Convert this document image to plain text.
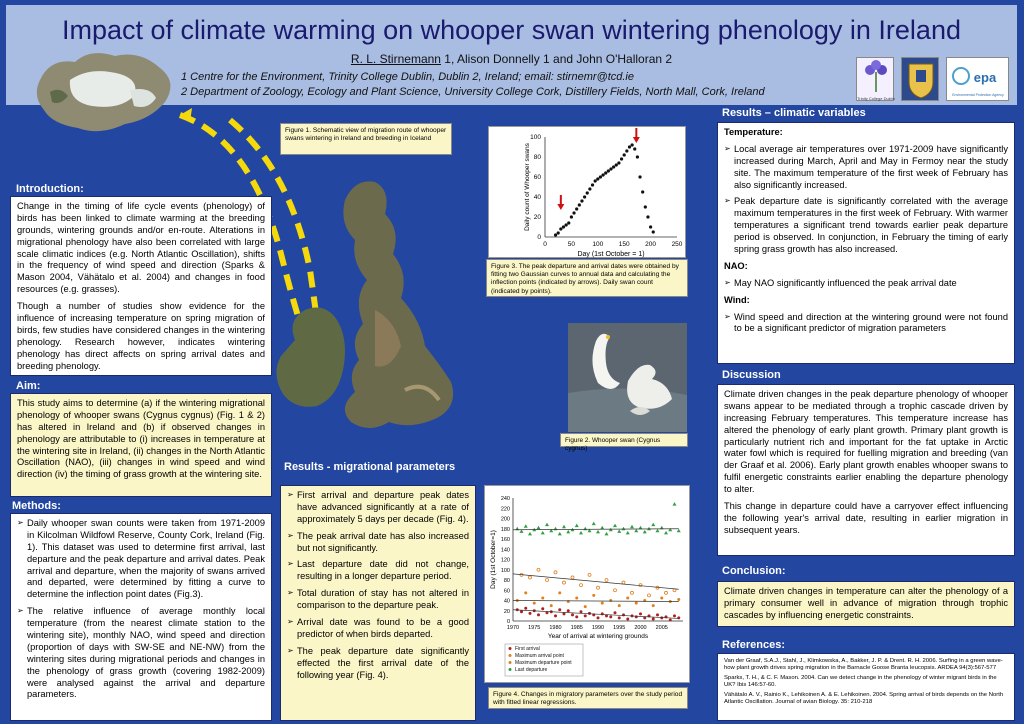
Impact of climate warming on whooper swan wintering phenology in Ireland
R. L. Stirnemann 1, Alison Donnelly 1 and John O'Halloran 2
1 Centre for the Environment, Trinity College Dublin, Dublin 2, Ireland; email: stirnemr@tcd.ie
2 Department of Zoology, Ecology and Plant Science, University College Cork, Distillery Fields, North Mall, Cork, Ireland
Trinity College Dublin
epa
Environmental Protection Agency
Introduction:

Change in the timing of life cycle events (phenology) of birds has been linked to climate warming at the breeding grounds, wintering grounds and/or en-route. Alterations in migrational phenology have also been correlated with large scale climatic indices (e.g. North Atlantic Oscillation), shifts in the frequency of wind speed and direction (Sparks & Mason 2004, Vähätalo et al. 2004) and changes in food resources (e.g. grasses).

Though a number of studies show evidence for the influence of increasing temperature on spring migration of birds, few studies have considered changes in the wintering phenology. Research however, indicates wintering phenology has direct affects on spring arrival dates and breeding phenology.

Aim:

This study aims to determine (a) if the wintering migrational phenology of whooper swans (Cygnus cygnus) (Fig. 1 & 2) has altered in Ireland and (b) if observed changes in phenology are attributable to (i) increases in temperature at the wintering site in Ireland, (ii) changes in the North Atlantic Oscillation (NAO), (iii) changes in wind speed and wind direction (iv) the timing of grass growth at the wintering site.

Methods:
➢ Daily whooper swan counts were taken from 1971-2009 in Kilcolman Wildfowl Reserve, County Cork, Ireland (Fig. 1). This dataset was used to determine first arrival, last departure and the peak departure and arrival dates. Peak arrival and departure, when the majority of swans arrived and departed, were determined by fitting a curve to determine the inflection point dates (Fig.3).
➢ The relative influence of average monthly local temperature (from the nearest climate station to the wintering site), monthly NAO, wind speed and direction (proportion of days with SW-SE and NE-NW) from the wintering sites during migrational periods and changes in the phenology of grass growth (covering 1982-2009) were analysed against the arrival and departure parameters.
Figure 1. Schematic view of migration route of whooper swans wintering in Ireland and breeding in Iceland
0	50	100 150 200 250
0
20
40
60
80
100
Day (1st October = 1)
Daily count of Whooper swans
Figure 3. The peak departure and arrival dates were obtained by fitting two Gaussian curves to annual data and calculating the inflection points (indicated by arrows). Daily swan count (indicated by points).
Figure 2. Whooper swan (Cygnus cygnus)
Results - migrational parameters
➢ First arrival and departure peak dates have advanced significantly at a rate of approximately 5 days per decade (Fig. 4).
➢ The peak arrival date has also increased but not significantly.
➢ Last departure date did not change, resulting in a longer departure period.
➢ Total duration of stay has not altered in comparison to the departure peak.
➢ Arrival date was found to be a good predictor of when birds departed.
➢ The peak departure date significantly effected the first arrival date of the following year (Fig. 4).
1970 1975 1980 1985 1990 1995 2000 2005
0
20
40
60
80
100
120
140
160
180
200
220
240
Year of arrival at wintering grounds
Day (1st October=1)
First arrival
Maximum arrival point
Maximum departure point
Last departure
Figure 4. Changes in migratory parameters over the study period with fitted linear regressions.
Results – climatic variables

Temperature:

➢ Local average air temperatures over 1971-2009 have significantly increased during March, April and May in Fermoy near the study site. The maximum temperature of the first week of February has also significantly increased.
➢ Peak departure date is significantly correlated with the average maximum temperatures in the first week of February. With warmer temperatures a significant trend towards earlier peak departure period is observed. In conjunction, in February the timing of early spring grass growth has also increased.

NAO:

➢ May NAO significantly influenced the peak arrival date

Wind:

➢ Wind speed and direction at the wintering ground were not found to be a significant predictor of migration parameters
Discussion

Climate driven changes in the peak departure phenology of whooper swans appear to be mediated through a trophic cascade driven by increasing February temperatures. This temperature increase has altered the phenology of early plant growth. Primary plant growth is particularly nutrient rich and important for the fat uptake in Arctic water fowl which is required for fuelling migration and breeding (van der Graaf et al. 2006). Early plant growth enables whooper swans to fulfil energetic constraints earlier enabling the departure phenology to alter.

This change in departure could have a carryover effect influencing the following year's arrival date, resulting in earlier migration in subsequent years.

Conclusion:

Climate driven changes in temperature can alter the phenology of a primary consumer well in advance of migration through trophic cascades by influencing energetic constraints.

References:

Van der Graaf, S.A.J., Stahl, J., Klimkowska, A., Bakker, J. P. & Drent. R. H. 2006. Surfing in a green wave- how plant growth drives spring migration in the Barnacle Goose Branta leucopsis. ARDEA 94(3):567-577

Sparks, T. H., & C. F. Mason. 2004. Can we detect change in the phenology of winter migrant birds in the UK? Ibis 146:57-60.

Vähätalo A. V., Rainio K., Lehikoinen A. & E. Lehikoinen. 2004. Spring arrival of birds depends on the North Atlantic Oscillation. Journal of avian Biology. 35: 210-218
